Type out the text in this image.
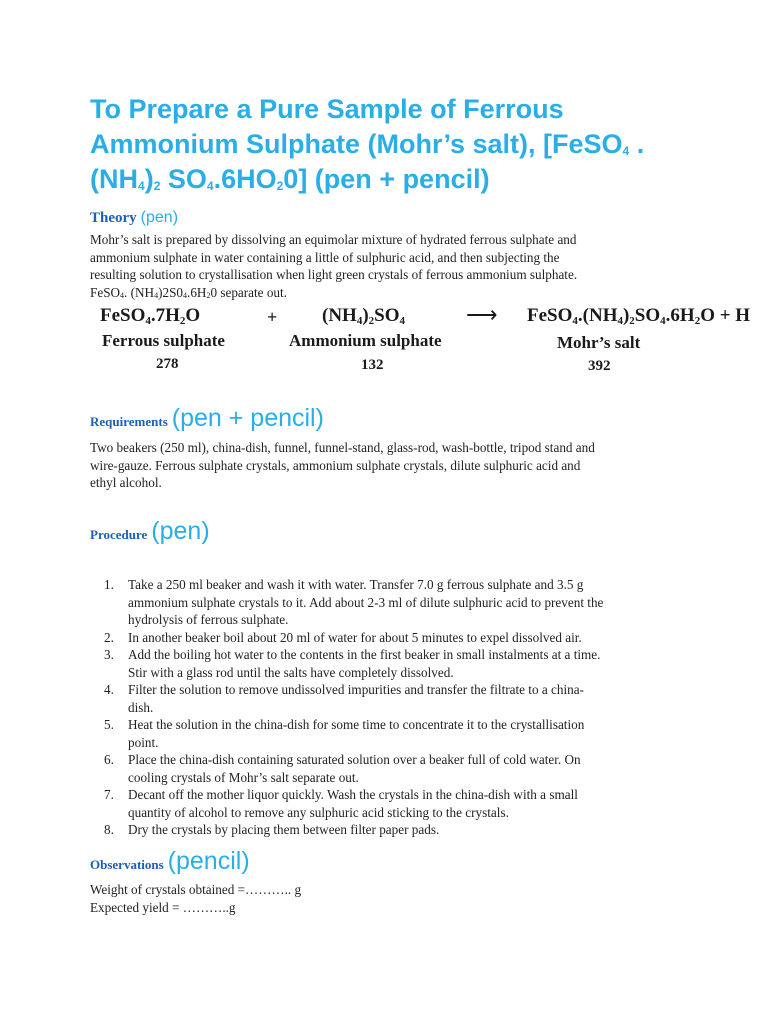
To Prepare a Pure Sample of Ferrous
Ammonium Sulphate (Mohr’s salt), [FeSO$_4$ .
$(NH_4)_2$ $SO_4.6HO_20$] (pen + pencil)

Theory (pen)

Mohr’s salt is prepared by dissolving an equimolar mixture of hydrated ferrous sulphate and
ammonium sulphate in water containing a little of sulphuric acid, and then subjecting the
resulting solution to crystallisation when light green crystals of ferrous ammonium sulphate.
FeSO$_4$. $(NH_4)2S0_4.6H_20$ separate out.

$FeSO_4.7H_2O$	+ $(NH_4)_2SO_4$	⟶ $FeSO_4.(NH_4)_2SO_4.6H_2O + H$

Ferrous sulphate	Ammonium sulphate	Mohr’s salt

278	132	392

Requirements (pen + pencil)

Two beakers (250 ml), china-dish, funnel, funnel-stand, glass-rod, wash-bottle, tripod stand and
wire-gauze. Ferrous sulphate crystals, ammonium sulphate crystals, dilute sulphuric acid and
ethyl alcohol.

Procedure (pen)

1. Take a 250 ml beaker and wash it with water. Transfer 7.0 g ferrous sulphate and 3.5 g
ammonium sulphate crystals to it. Add about 2-3 ml of dilute sulphuric acid to prevent the
hydrolysis of ferrous sulphate.
2. In another beaker boil about 20 ml of water for about 5 minutes to expel dissolved air.
3. Add the boiling hot water to the contents in the first beaker in small instalments at a time.
Stir with a glass rod until the salts have completely dissolved.
4. Filter the solution to remove undissolved impurities and transfer the filtrate to a china-
dish.
5. Heat the solution in the china-dish for some time to concentrate it to the crystallisation
point.
6. Place the china-dish containing saturated solution over a beaker full of cold water. On
cooling crystals of Mohr’s salt separate out.
7. Decant off the mother liquor quickly. Wash the crystals in the china-dish with a small
quantity of alcohol to remove any sulphuric acid sticking to the crystals.
8. Dry the crystals by placing them between filter paper pads.

Observations (pencil)

Weight of crystals obtained =……….. g
Expected yield = ………..g
